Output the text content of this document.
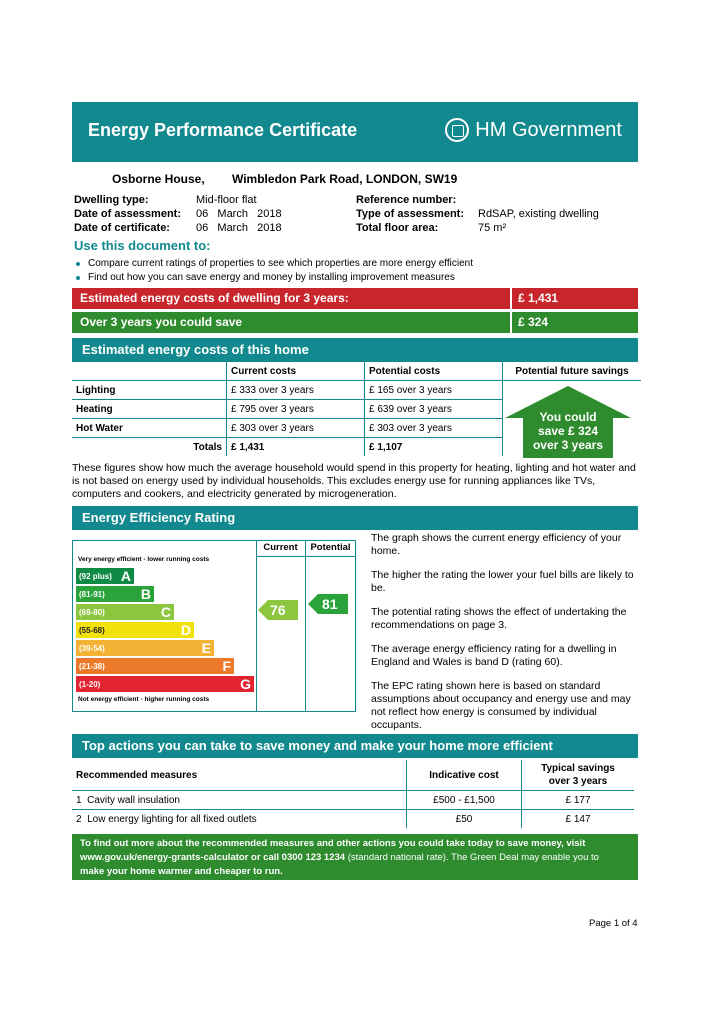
Energy Performance Certificate	HM Government
Osborne House, Wimbledon Park Road, LONDON, SW19
Dwelling type:	Mid-floor flat
Date of assessment: 06   March   2018
Date of certificate: 06   March   2018
Reference number:
Type of assessment: RdSAP, existing dwelling
Total floor area:	75 m²
Use this document to:
Compare current ratings of properties to see which properties are more energy efficient
Find out how you can save energy and money by installing improvement measures
Estimated energy costs of dwelling for 3 years:	£ 1,431
Over 3 years you could save	£ 324
Estimated energy costs of this home
	Current costs	Potential costs	Potential future savings
Lighting	£ 333 over 3 years	£ 165 over 3 years	
Heating	£ 795 over 3 years	£ 639 over 3 years	
Hot Water	£ 303 over 3 years	£ 303 over 3 years	
Totals	£ 1,431	£ 1,107	
You could
save £ 324
over 3 years
These figures show how much the average household would spend in this property for heating, lighting and hot water and is not based on energy used by individual households. This excludes energy use for running appliances like TVs, computers and cookers, and electricity generated by microgeneration.
Energy Efficiency Rating
Current	Potential
Very energy efficient - lower running costs
Not energy efficient - higher running costs
(92 plus) A
(81-91)	B
(69-80)	C
(55-68)	D
(39-54)	E
(21-38)	F
(1-20)	G
76	81
The graph shows the current energy efficiency of your home.
The higher the rating the lower your fuel bills are likely to be.
The potential rating shows the effect of undertaking the recommendations on page 3.
The average energy efficiency rating for a dwelling in England and Wales is band D (rating 60).
The EPC rating shown here is based on standard assumptions about occupancy and energy use and may not reflect how energy is consumed by individual occupants.
Top actions you can take to save money and make your home more efficient
Recommended measures	Indicative cost	Typical savings
over 3 years

1 Cavity wall insulation	£500 - £1,500	£ 177
2 Low energy lighting for all fixed outlets	£50	£ 147
To find out more about the recommended measures and other actions you could take today to save money, visit
www.gov.uk/energy-grants-calculator or call 0300 123 1234 (standard national rate). The Green Deal may enable you to
make your home warmer and cheaper to run.
Page 1 of 4
